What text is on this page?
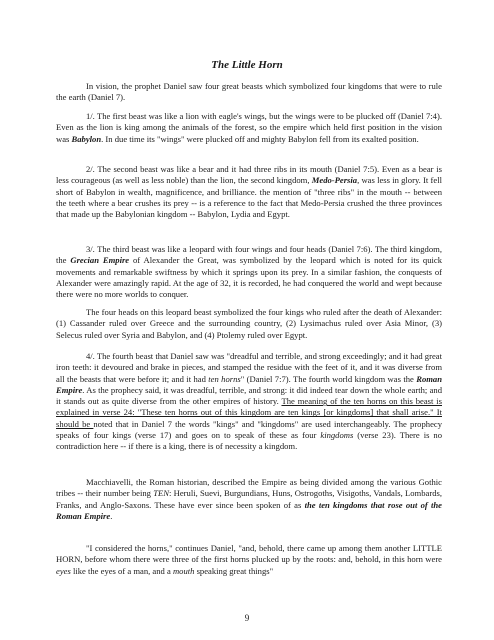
The Little Horn

In vision, the prophet Daniel saw four great beasts which symbolized four kingdoms that were to rule the earth (Daniel 7).

1/. The first beast was like a lion with eagle's wings, but the wings were to be plucked off (Daniel 7:4). Even as the lion is king among the animals of the forest, so the empire which held first position in the vision was Babylon. In due time its "wings" were plucked off and mighty Babylon fell from its exalted position.

2/. The second beast was like a bear and it had three ribs in its mouth (Daniel 7:5). Even as a bear is less courageous (as well as less noble) than the lion, the second kingdom, Medo-Persia, was less in glory. It fell short of Babylon in wealth, magnificence, and brilliance. the mention of "three ribs" in the mouth -- between the teeth where a bear crushes its prey -- is a reference to the fact that Medo-Persia crushed the three provinces that made up the Babylonian kingdom -- Babylon, Lydia and Egypt.

3/. The third beast was like a leopard with four wings and four heads (Daniel 7:6). The third kingdom, the Grecian Empire of Alexander the Great, was symbolized by the leopard which is noted for its quick movements and remarkable swiftness by which it springs upon its prey. In a similar fashion, the conquests of Alexander were amazingly rapid. At the age of 32, it is recorded, he had conquered the world and wept because there were no more worlds to conquer.

The four heads on this leopard beast symbolized the four kings who ruled after the death of Alexander: (1) Cassander ruled over Greece and the surrounding country, (2) Lysimachus ruled over Asia Minor, (3) Selecus ruled over Syria and Babylon, and (4) Ptolemy ruled over Egypt.

4/. The fourth beast that Daniel saw was "dreadful and terrible, and strong exceedingly; and it had great iron teeth: it devoured and brake in pieces, and stamped the residue with the feet of it, and it was diverse from all the beasts that were before it; and it had ten horns" (Daniel 7:7). The fourth world kingdom was the Roman Empire. As the prophecy said, it was dreadful, terrible, and strong: it did indeed tear down the whole earth; and it stands out as quite diverse from the other empires of history. The meaning of the ten horns on this beast is explained in verse 24: "These ten horns out of this kingdom are ten kings [or kingdoms] that shall arise." It should be noted that in Daniel 7 the words "kings" and "kingdoms" are used interchangeably. The prophecy speaks of four kings (verse 17) and goes on to speak of these as four kingdoms (verse 23). There is no contradiction here -- if there is a king, there is of necessity a kingdom.

Macchiavelli, the Roman historian, described the Empire as being divided among the various Gothic tribes -- their number being TEN: Heruli, Suevi, Burgundians, Huns, Ostrogoths, Visigoths, Vandals, Lombards, Franks, and Anglo-Saxons. These have ever since been spoken of as the ten kingdoms that rose out of the Roman Empire.

"I considered the horns," continues Daniel, "and, behold, there came up among them another LITTLE HORN, before whom there were three of the first horns plucked up by the roots: and, behold, in this horn were eyes like the eyes of a man, and a mouth speaking great things"

9
